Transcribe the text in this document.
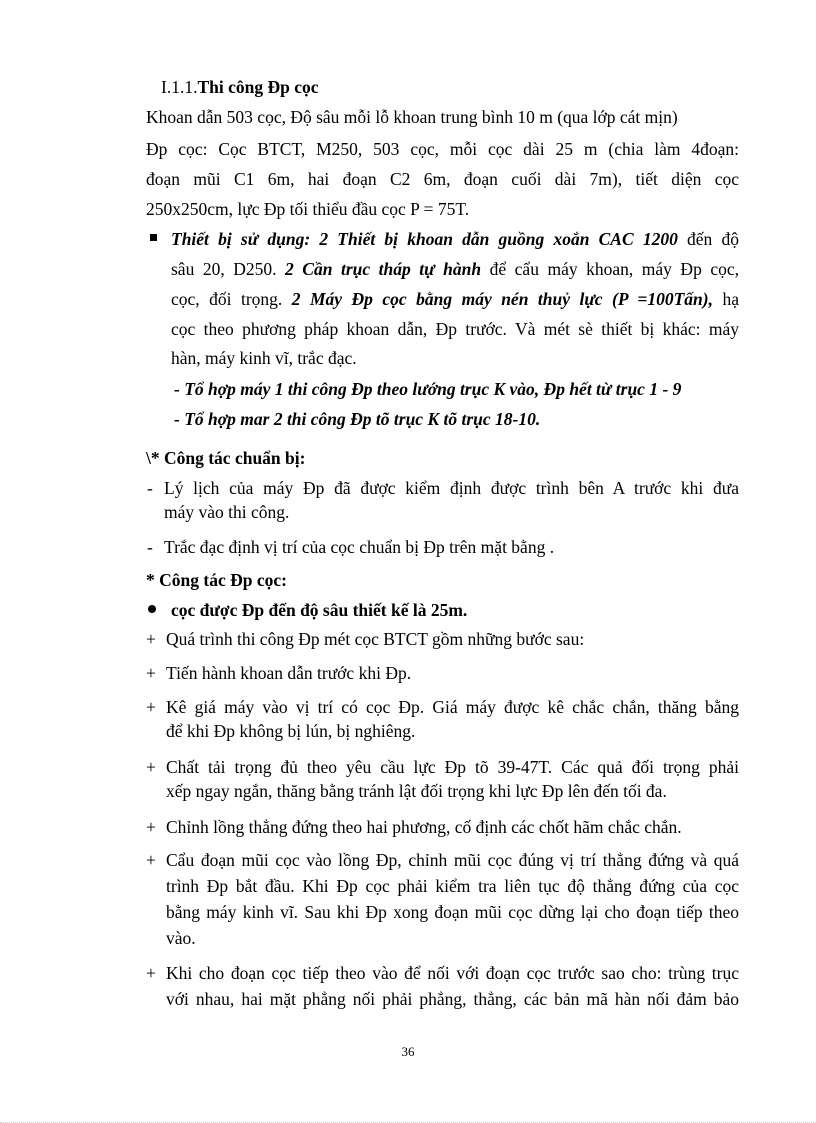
I.1.1.Thi công Đp cọc
Khoan dẫn 503 cọc, Độ sâu mỗi lỗ khoan trung bình 10 m (qua lớp cát mịn)
Đp cọc: Cọc BTCT, M250, 503 cọc, mỗi cọc dài 25 m (chia làm 4đoạn:
đoạn mũi C1 6m, hai đoạn C2 6m, đoạn cuối dài 7m), tiết diện cọc
250x250cm, lực Đp tối thiểu đầu cọc P = 75T.
Thiết bị sử dụng: 2 Thiết bị khoan dẫn guồng xoắn CAC 1200 đến độ
sâu 20, D250. 2 Cần trục tháp tự hành để cẩu máy khoan, máy Đp cọc,
cọc, đối trọng. 2 Máy Đp cọc bằng máy nén thuỷ lực (P =100Tấn), hạ
cọc theo phương pháp khoan dẫn, Đp trước. Và mét sè thiết bị khác: máy
hàn, máy kinh vĩ, trắc đạc.
- Tổ hợp máy 1 thi công Đp theo lướng trục K vào, Đp hết từ trục 1 - 9
- Tổ hợp mar 2 thi công Đp tõ trục K tõ trục 18-10.
\* Công tác chuẩn bị:
- Lý lịch của máy Đp đã được kiểm định được trình bên A trước khi đưa
máy vào thi công.
- Trắc đạc định vị trí của cọc chuẩn bị Đp trên mặt bằng .
* Công tác Đp cọc:
cọc được Đp đến độ sâu thiết kế là 25m.
+ Quá trình thi công Đp mét cọc BTCT gồm những bước sau:
+ Tiến hành khoan dẫn trước khi Đp.
+ Kê giá máy vào vị trí có cọc Đp. Giá máy được kê chắc chắn, thăng bằng
để khi Đp không bị lún, bị nghiêng.
+ Chất tải trọng đủ theo yêu cầu lực Đp tõ 39-47T. Các quả đối trọng phải
xếp ngay ngắn, thăng bằng tránh lật đối trọng khi lực Đp lên đến tối đa.
+ Chỉnh lồng thẳng đứng theo hai phương, cố định các chốt hãm chắc chắn.
+ Cẩu đoạn mũi cọc vào lồng Đp, chỉnh mũi cọc đúng vị trí thẳng đứng và quá
trình Đp bắt đầu. Khi Đp cọc phải kiểm tra liên tục độ thẳng đứng của cọc
bằng máy kinh vĩ. Sau khi Đp xong đoạn mũi cọc dừng lại cho đoạn tiếp theo
vào.
+ Khi cho đoạn cọc tiếp theo vào để nối với đoạn cọc trước sao cho: trùng trục
với nhau, hai mặt phẳng nối phải phẳng, thẳng, các bản mã hàn nối đảm bảo
36
